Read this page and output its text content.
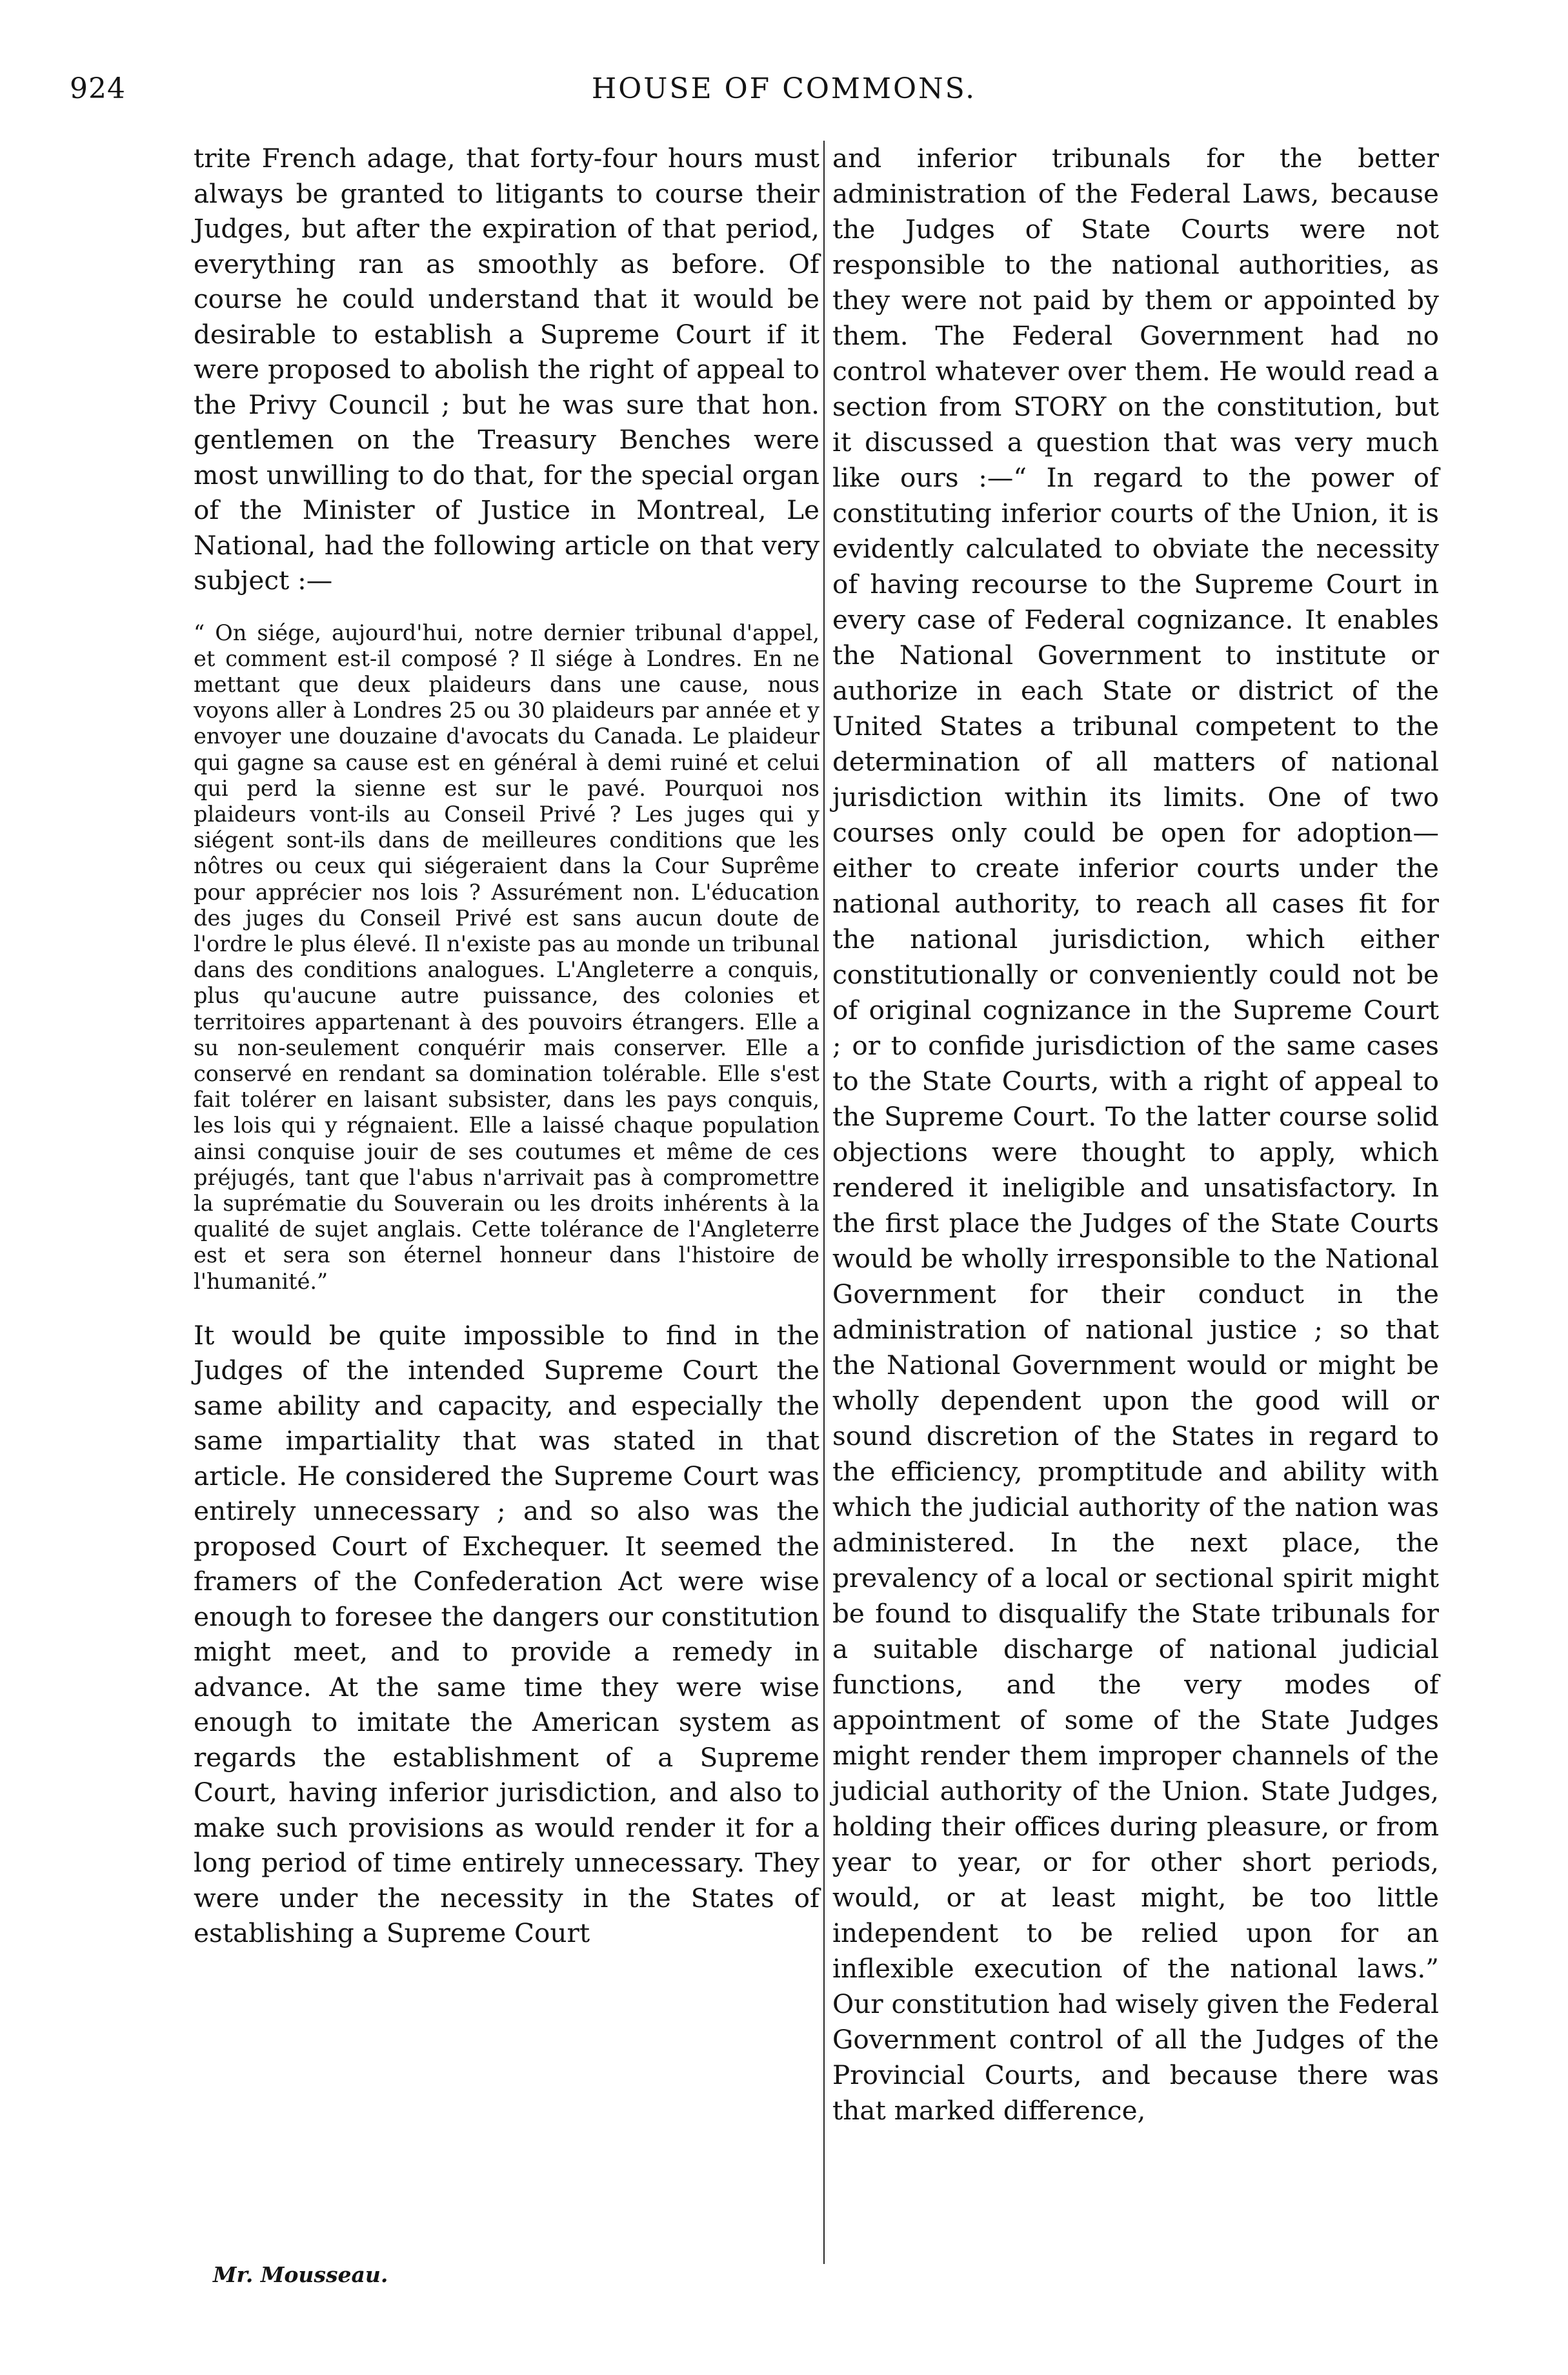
924	HOUSE OF COMMONS.

trite French adage, that forty-four hours must always be granted to litigants to course their Judges, but after the expiration of that period, everything ran as smoothly as before. Of course he could understand that it would be desirable to establish a Supreme Court if it were proposed to abolish the right of appeal to the Privy Council ; but he was sure that hon. gentlemen on the Treasury Benches were most unwilling to do that, for the special organ of the Minister of Justice in Montreal, Le National, had the following article on that very subject :—

“ On siége, aujourd'hui, notre dernier tribunal d'appel, et comment est-il composé ? Il siége à Londres. En ne mettant que deux plaideurs dans une cause, nous voyons aller à Londres 25 ou 30 plaideurs par année et y envoyer une douzaine d'avocats du Canada. Le plaideur qui gagne sa cause est en général à demi ruiné et celui qui perd la sienne est sur le pavé. Pourquoi nos plaideurs vont-ils au Conseil Privé ? Les juges qui y siégent sont-ils dans de meilleures conditions que les nôtres ou ceux qui siégeraient dans la Cour Suprême pour apprécier nos lois ? Assurément non. L'éducation des juges du Conseil Privé est sans aucun doute de l'ordre le plus élevé. Il n'existe pas au monde un tribunal dans des conditions analogues. L'Angleterre a conquis, plus qu'aucune autre puissance, des colonies et territoires appartenant à des pouvoirs étrangers. Elle a su non-seulement conquérir mais conserver. Elle a conservé en rendant sa domination tolérable. Elle s'est fait tolérer en laisant subsister, dans les pays conquis, les lois qui y régnaient. Elle a laissé chaque population ainsi conquise jouir de ses coutumes et même de ces préjugés, tant que l'abus n'arrivait pas à compromettre la suprématie du Souverain ou les droits inhérents à la qualité de sujet anglais. Cette tolérance de l'Angleterre est et sera son éternel honneur dans l'histoire de l'humanité.”

It would be quite impossible to find in the Judges of the intended Supreme Court the same ability and capacity, and especially the same impartiality that was stated in that article. He considered the Supreme Court was entirely unnecessary ; and so also was the proposed Court of Exchequer. It seemed the framers of the Confederation Act were wise enough to foresee the dangers our constitution might meet, and to provide a remedy in advance. At the same time they were wise enough to imitate the American system as regards the establishment of a Supreme Court, having inferior jurisdiction, and also to make such provisions as would render it for a long period of time entirely unnecessary. They were under the necessity in the States of establishing a Supreme Court

and inferior tribunals for the better administration of the Federal Laws, because the Judges of State Courts were not responsible to the national authorities, as they were not paid by them or appointed by them. The Federal Government had no control whatever over them. He would read a section from STORY on the constitution, but it discussed a question that was very much like ours :—“ In regard to the power of constituting inferior courts of the Union, it is evidently calculated to obviate the necessity of having recourse to the Supreme Court in every case of Federal cognizance. It enables the National Government to institute or authorize in each State or district of the United States a tribunal competent to the determination of all matters of national jurisdiction within its limits. One of two courses only could be open for adoption—either to create inferior courts under the national authority, to reach all cases fit for the national jurisdiction, which either constitutionally or conveniently could not be of original cognizance in the Supreme Court ; or to confide jurisdiction of the same cases to the State Courts, with a right of appeal to the Supreme Court. To the latter course solid objections were thought to apply, which rendered it ineligible and unsatisfactory. In the first place the Judges of the State Courts would be wholly irresponsible to the National Government for their conduct in the administration of national justice ; so that the National Government would or might be wholly dependent upon the good will or sound discretion of the States in regard to the efficiency, promptitude and ability with which the judicial authority of the nation was administered. In the next place, the prevalency of a local or sectional spirit might be found to disqualify the State tribunals for a suitable discharge of national judicial functions, and the very modes of appointment of some of the State Judges might render them improper channels of the judicial authority of the Union. State Judges, holding their offices during pleasure, or from year to year, or for other short periods, would, or at least might, be too little independent to be relied upon for an inflexible execution of the national laws.” Our constitution had wisely given the Federal Government control of all the Judges of the Provincial Courts, and because there was that marked difference,

Mr. Mousseau.
